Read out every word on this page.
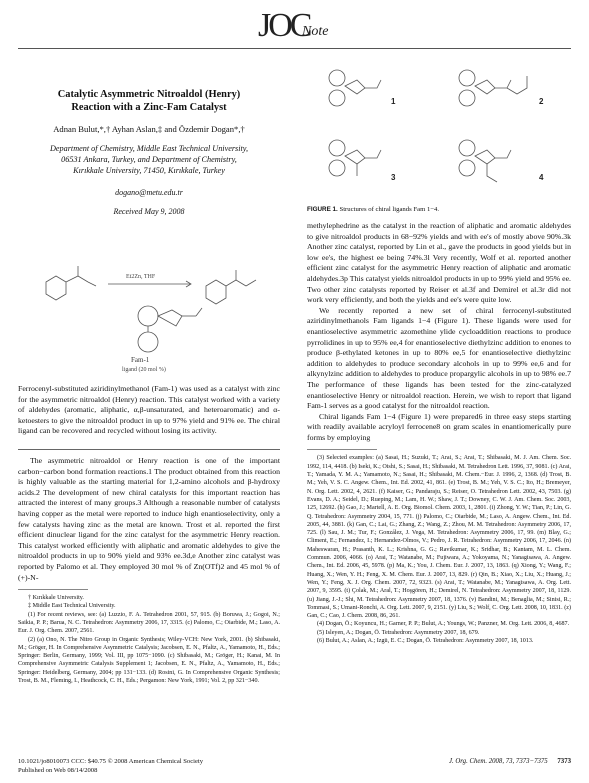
JOC
Note
Catalytic Asymmetric Nitroaldol (Henry)
Reaction with a Zinc-Fam Catalyst
Adnan Bulut,*,† Ayhan Aslan,‡ and Özdemir Dogan*,†
Department of Chemistry, Middle East Technical University,
06531 Ankara, Turkey, and Department of Chemistry,
Kırıkkale University, 71450, Kırıkkale, Turkey
dogano@metu.edu.tr
Received May 9, 2008
Fam-1
ligand (20 mol %)
Et2Zn, THF

Ferrocenyl-substituted aziridinylmethanol (Fam-1) was used as a catalyst with zinc for the asymmetric nitroaldol (Henry) reaction. This catalyst worked with a variety of aldehydes (aromatic, aliphatic, α,β-unsaturated, and heteroaromatic) and α-ketoesters to give the nitroaldol product in up to 97% yield and 91% ee. The chiral ligand can be recovered and recycled without losing its activity.

The asymmetric nitroaldol or Henry reaction is one of the important carbon−carbon bond formation reactions.1 The product obtained from this reaction is highly valuable as the starting material for 1,2-amino alcohols and β-hydroxy acids.2 The development of new chiral catalysts for this important reaction has attracted the interest of many groups.3 Although a reasonable number of catalysts having copper as the metal were reported to induce high enantioselectivity, only a few catalysts having zinc as the metal are known. Trost et al. reported the first efficient dinuclear ligand for the zinc catalyst for the asymmetric Henry reaction. This catalyst worked efficiently with aliphatic and aromatic aldehydes to give the nitroaldol products in up to 90% yield and 93% ee.3d,e Another zinc catalyst was reported by Palomo et al. They employed 30 mol % of Zn(OTf)2 and 45 mol % of (+)-N-

† Kırıkkale University.
‡ Middle East Technical University.
(1) For recent reviews, see: (a) Luzzio, F. A. Tetrahedron 2001, 57, 915. (b) Boruwa, J.; Gogoi, N.; Saikia, P. P.; Barua, N. C. Tetrahedron: Asymmetry 2006, 17, 3315. (c) Palomo, C.; Oiarbide, M.; Laso, A. Eur. J. Org. Chem. 2007, 2561.
(2) (a) Ono, N. The Nitro Group in Organic Synthesis; Wiley-VCH: New York, 2001. (b) Shibasaki, M.; Gröger, H. In Comprehensive Asymmetric Catalysis; Jacobsen, E. N., Pfaltz, A., Yamamoto, H., Eds.; Springer: Berlin, Germany, 1999; Vol. III, pp 1075−1090. (c) Shibasaki, M.; Gröger, H.; Kanai, M. In Comprehensive Asymmetric Catalysis Supplement 1; Jacobsen, E. N., Pfaltz, A., Yamamoto, H., Eds.; Springer: Heidelberg, Germany, 2004; pp 131−133. (d) Rosini, G. In Comprehensive Organic Synthesis; Trost, B. M., Fleming, I., Heathcock, C. H., Eds.; Pergamon: New York, 1991; Vol. 2, pp 321−340.
1	2
3	4
FIGURE 1. Structures of chiral ligands Fam 1−4.

methylephedrine as the catalyst in the reaction of aliphatic and aromatic aldehydes to give nitroaldol products in 68−92% yields and with ee's of mostly above 90%.3k Another zinc catalyst, reported by Lin et al., gave the products in good yields but in low ee's, the highest ee being 74%.3l Very recently, Wolf et al. reported another efficient zinc catalyst for the asymmetric Henry reaction of aliphatic and aromatic aldehydes.3p This catalyst yields nitroaldol products in up to 99% yield and 95% ee. Two other zinc catalysts reported by Reiser et al.3f and Demirel et al.3r did not work very efficiently, and both the yields and ee's were quite low.

We recently reported a new set of chiral ferrocenyl-substituted aziridinylmethanols Fam ligands 1−4 (Figure 1). These ligands were used for enantioselective asymmetric azomethine ylide cycloaddition reactions to produce pyrrolidines in up to 95% ee,4 for enantioselective diethylzinc addition to enones to produce β-ethylated ketones in up to 80% ee,5 for enantioselective diethylzinc addition to aldehydes to produce secondary alcohols in up to 99% ee,6 and for alkynylzinc addition to aldehydes to produce propargylic alcohols in up to 98% ee.7 The performance of these ligands has been tested for the zinc-catalyzed enantioselective Henry or nitroaldol reaction. Herein, we wish to report that ligand Fam-1 serves as a good catalyst for the nitroaldol reaction.

Chiral ligands Fam 1−4 (Figure 1) were prepared6 in three easy steps starting with readily available acryloyl ferrocene8 on gram scales in enantiomerically pure forms by employing

(3) Selected examples: (a) Sasai, H.; Suzuki, T.; Arai, S.; Arai, T.; Shibasaki, M. J. Am. Chem. Soc. 1992, 114, 4418. (b) Iseki, K.; Oishi, S.; Sasai, H.; Shibasaki, M. Tetrahedron Lett. 1996, 37, 9081. (c) Arai, T.; Yamada, Y. M. A.; Yamamoto, N.; Sasai, H.; Shibasaki, M. Chem.−Eur. J. 1996, 2, 1368. (d) Trost, B. M.; Yeh, V. S. C. Angew. Chem., Int. Ed. 2002, 41, 861. (e) Trost, B. M.; Yeh, V. S. C.; Ito, H.; Bremeyer, N. Org. Lett. 2002, 4, 2621. (f) Kaiser, G.; Pandaraju, S.; Reiser, O. Tetrahedron Lett. 2002, 43, 7503. (g) Evans, D. A.; Seidel, D.; Rueping, M.; Lam, H. W.; Shaw, J. T.; Downey, C. W. J. Am. Chem. Soc. 2003, 125, 12692. (h) Gao, J.; Martell, A. E. Org. Biomol. Chem. 2003, 1, 2801. (i) Zhong, Y. W.; Tian, P.; Lin, G. Q. Tetrahedron: Asymmetry 2004, 15, 771. (j) Palomo, C.; Oiarbide, M.; Laso, A. Angew. Chem., Int. Ed. 2005, 44, 3881. (k) Gan, C.; Lai, G.; Zhang, Z.; Wang, Z.; Zhou, M. M. Tetrahedron: Asymmetry 2006, 17, 725. (l) Sau, J. M.; Tur, F.; González, J. Vega, M. Tetrahedron: Asymmetry 2006, 17, 99. (m) Blay, G.; Climent, E.; Fernandez, I.; Hernandez-Olmos, V.; Pedro, J. R. Tetrahedron: Asymmetry 2006, 17, 2046. (n) Maheswaran, H.; Prasanth, K. L.; Krishna, G. G.; Ravikumar, K.; Sridhar, B.; Kantam, M. L. Chem. Commun. 2006, 4066. (o) Arai, T.; Watanabe, M.; Fujiwara, A.; Yokoyama, N.; Yanagisawa, A. Angew. Chem., Int. Ed. 2006, 45, 5978. (p) Ma, K.; You, J. Chem. Eur. J. 2007, 13, 1863. (q) Xiong, Y.; Wang, F.; Huang, X.; Wen, Y. H.; Feng, X. M. Chem. Eur. J. 2007, 13, 829. (r) Qin, B.; Xiao, X.; Liu, X.; Huang, J.; Wen, Y.; Feng, X. J. Org. Chem. 2007, 72, 9323. (s) Arai, T.; Watanabe, M.; Yanagisawa, A. Org. Lett. 2007, 9, 3595. (t) Çolak, M.; Aral, T.; Hoşgören, H.; Demirel, N. Tetrahedron: Asymmetry 2007, 18, 1129. (u) Jiang, J.-J.; Shi, M. Tetrahedron: Asymmetry 2007, 18, 1376. (v) Bandini, M.; Benaglia, M.; Sinisi, R.; Tommasi, S.; Umani-Ronchi, A. Org. Lett. 2007, 9, 2151. (y) Liu, S.; Wolf, C. Org. Lett. 2008, 10, 1831. (z) Gan, C.; Cao, J. Chem. 2008, 86, 261.
(4) Dogan, Ö.; Koyuncu, H.; Garner, P. P.; Bulut, A.; Youngs, W.; Panzner, M. Org. Lett. 2006, 8, 4687.
(5) Isleyen, A.; Dogan, Ö. Tetrahedron: Asymmetry 2007, 18, 679.
(6) Bulut, A.; Aslan, A.; Izgü, E. C.; Dogan, Ö. Tetrahedron: Asymmetry 2007, 18, 1013.
10.1021/jo8010073 CCC: $40.75 © 2008 American Chemical Society
Published on Web 08/14/2008
J. Org. Chem. 2008, 73, 7373−7375 7373
